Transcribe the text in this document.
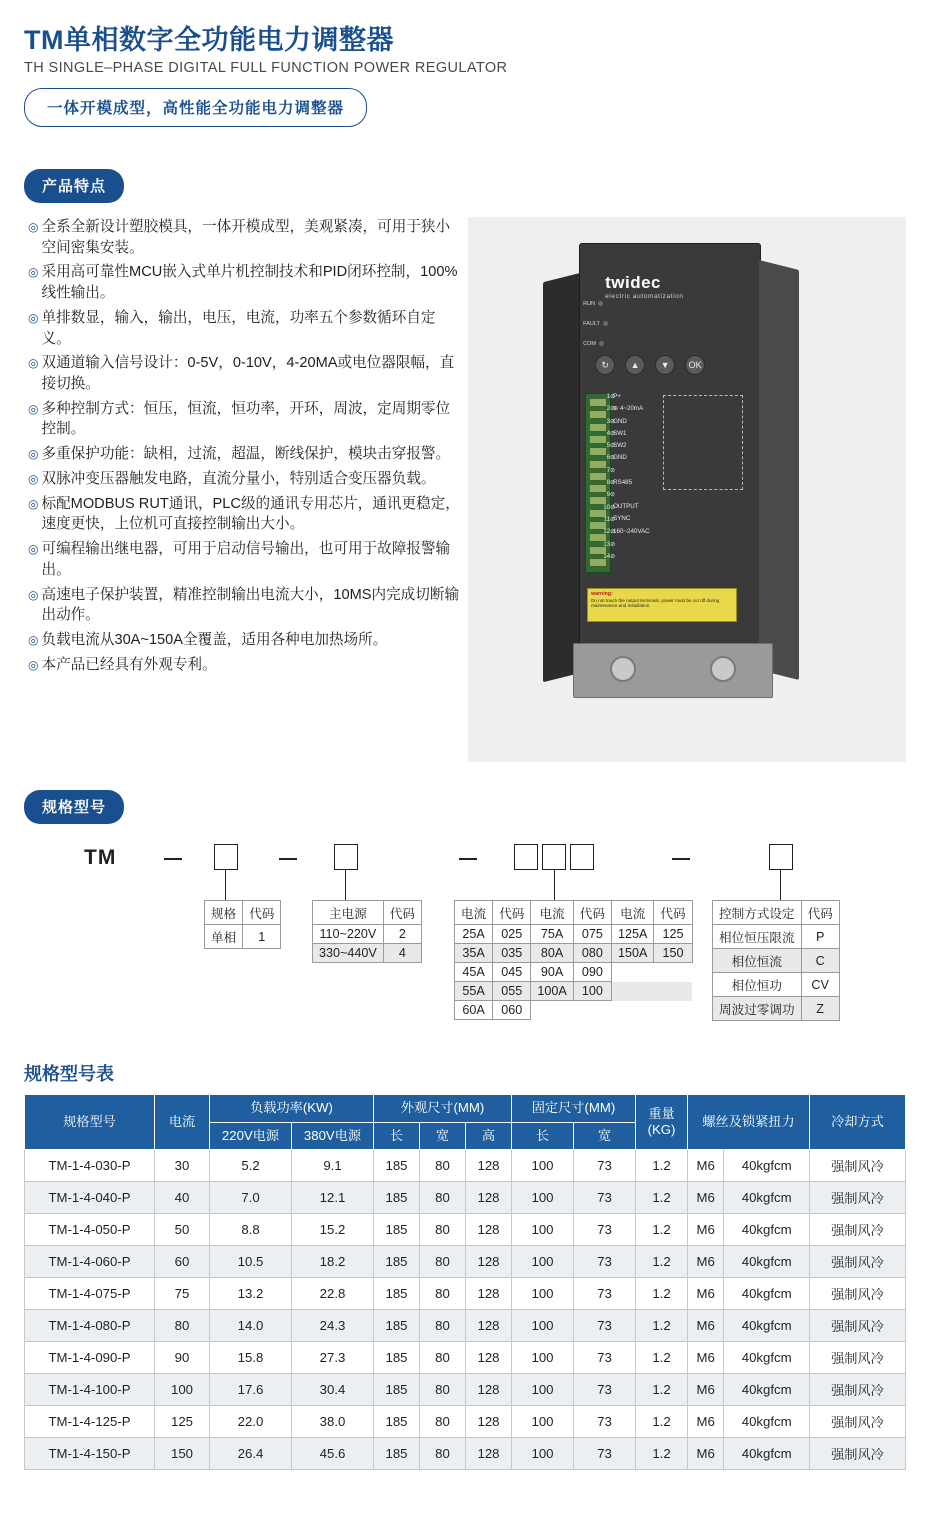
TM单相数字全功能电力调整器
TH SINGLE–PHASE DIGITAL FULL FUNCTION POWER REGULATOR
一体开模成型，高性能全功能电力调整器
产品特点
◎ 全系全新设计塑胶模具，一体开模成型，美观紧凑，可用于狭小空间密集安装。
◎ 采用高可靠性MCU嵌入式单片机控制技术和PID闭环控制，100%线性输出。
◎ 单排数显，输入，输出，电压，电流，功率五个参数循环自定义。
◎ 双通道输入信号设计：0-5V，0-10V，4-20MA或电位器限幅，直接切换。
◎ 多种控制方式：恒压，恒流，恒功率，开环，周波，定周期零位控制。
◎ 多重保护功能：缺相，过流，超温，断线保护，模块击穿报警。
◎ 双脉冲变压器触发电路，直流分量小，特别适合变压器负载。
◎ 标配MODBUS RUT通讯，PLC级的通讯专用芯片，通讯更稳定，速度更快，上位机可直接控制输出大小。
◎ 可编程输出继电器，可用于启动信号输出，也可用于故障报警输出。
◎ 高速电子保护装置，精准控制输出电流大小，10MS内完成切断输出动作。
◎ 负载电流从30A~150A全覆盖，适用各种电加热场所。
◎ 本产品已经具有外观专利。
twidec
electric automatization
RUN
FAULT
COM
↻	▲	▼	OK
1⊘
2⊘
3⊘
4⊘
5⊘
6⊘
7⊘
8⊘
9⊘
10⊘
11⊘
12⊘
13⊘
14⊘
P+
⊕ 4~20mA
GND
SW1
SW2
GND
RS485
OUTPUT
SYNC
160~240VAC
warning:
Do not touch the output terminals, power must be cut off during maintenance and installation
规格型号
TM
规格	代码
单相	1
主电源	代码
110~220V	2
330~440V	4
电流	代码	电流	代码	电流	代码
25A	025	75A	075	125A	125
35A	035	80A	080	150A	150
45A	045	90A	090		
55A	055	100A	100		
60A	060				
控制方式设定	代码
相位恒压限流	P
相位恒流	C
相位恒功	CV
周波过零调功	Z
规格型号表
规格型号	电流	负载功率(KW)		外观尺寸(MM)			固定尺寸(MM)		重量(KG)	螺丝及锁紧扭力		冷却方式
		220V电源	380V电源	长	宽	高	长	宽				
TM-1-4-030-P	30	5.2	9.1	185	80	128	100	73	1.2	M6	40kgfcm	强制风冷
TM-1-4-040-P	40	7.0	12.1	185	80	128	100	73	1.2	M6	40kgfcm	强制风冷
TM-1-4-050-P	50	8.8	15.2	185	80	128	100	73	1.2	M6	40kgfcm	强制风冷
TM-1-4-060-P	60	10.5	18.2	185	80	128	100	73	1.2	M6	40kgfcm	强制风冷
TM-1-4-075-P	75	13.2	22.8	185	80	128	100	73	1.2	M6	40kgfcm	强制风冷
TM-1-4-080-P	80	14.0	24.3	185	80	128	100	73	1.2	M6	40kgfcm	强制风冷
TM-1-4-090-P	90	15.8	27.3	185	80	128	100	73	1.2	M6	40kgfcm	强制风冷
TM-1-4-100-P	100	17.6	30.4	185	80	128	100	73	1.2	M6	40kgfcm	强制风冷
TM-1-4-125-P	125	22.0	38.0	185	80	128	100	73	1.2	M6	40kgfcm	强制风冷
TM-1-4-150-P	150	26.4	45.6	185	80	128	100	73	1.2	M6	40kgfcm	强制风冷
